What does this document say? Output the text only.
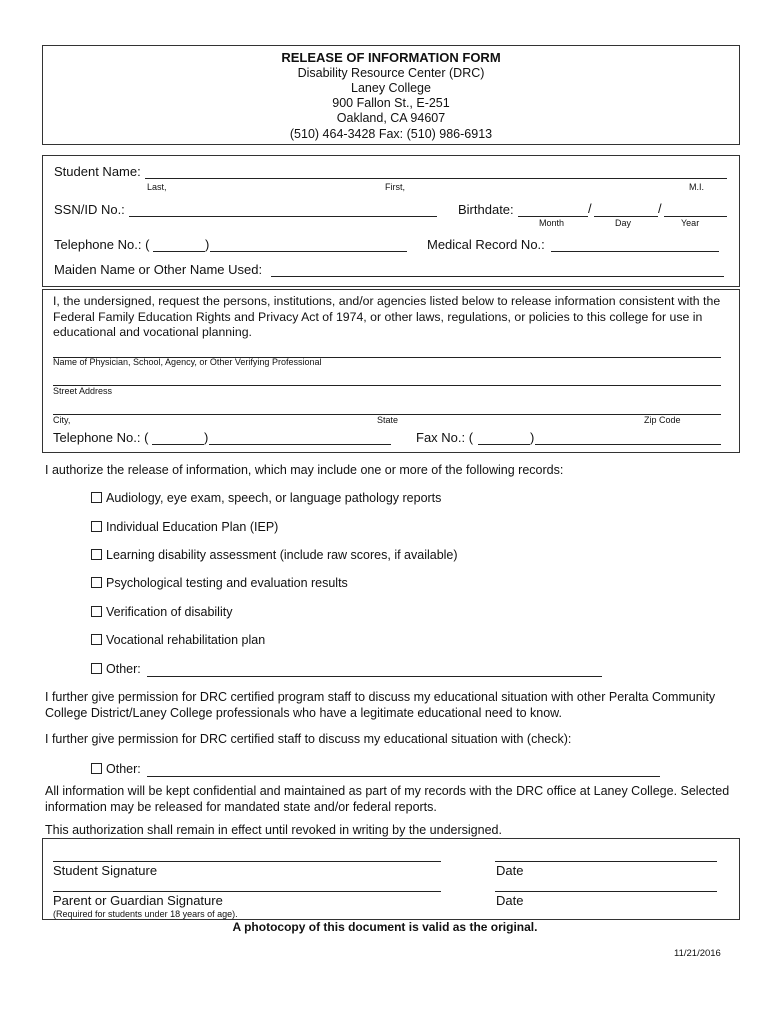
RELEASE OF INFORMATION FORM
Disability Resource Center (DRC)
Laney College
900 Fallon St., E-251
Oakland, CA 94607
(510) 464-3428 Fax: (510) 986-6913
Student Name:
Last,	First,	M.I.
SSN/ID No.:	Birthdate:	/	/
Month	Day	Year
Telephone No.: (	)	Medical Record No.:
Maiden Name or Other Name Used:
I, the undersigned, request the persons, institutions, and/or agencies listed below to release information consistent with the Federal Family Education Rights and Privacy Act of 1974, or other laws, regulations, or policies to this college for use in educational and vocational planning.
Name of Physician, School, Agency, or Other Verifying Professional
Street Address
City,	State	Zip Code
Telephone No.: (	)	Fax No.: (	)
I authorize the release of information, which may include one or more of the following records:
Audiology, eye exam, speech, or language pathology reports
Individual Education Plan (IEP)
Learning disability assessment (include raw scores, if available)
Psychological testing and evaluation results
Verification of disability
Vocational rehabilitation plan
Other:
I further give permission for DRC certified program staff to discuss my educational situation with other Peralta Community College District/Laney College professionals who have a legitimate educational need to know.
I further give permission for DRC certified staff to discuss my educational situation with (check):
Other:
All information will be kept confidential and maintained as part of my records with the DRC office at Laney College. Selected information may be released for mandated state and/or federal reports.
This authorization shall remain in effect until revoked in writing by the undersigned.
Student Signature	Date
Parent or Guardian Signature	Date
(Required for students under 18 years of age).
A photocopy of this document is valid as the original.
11/21/2016
